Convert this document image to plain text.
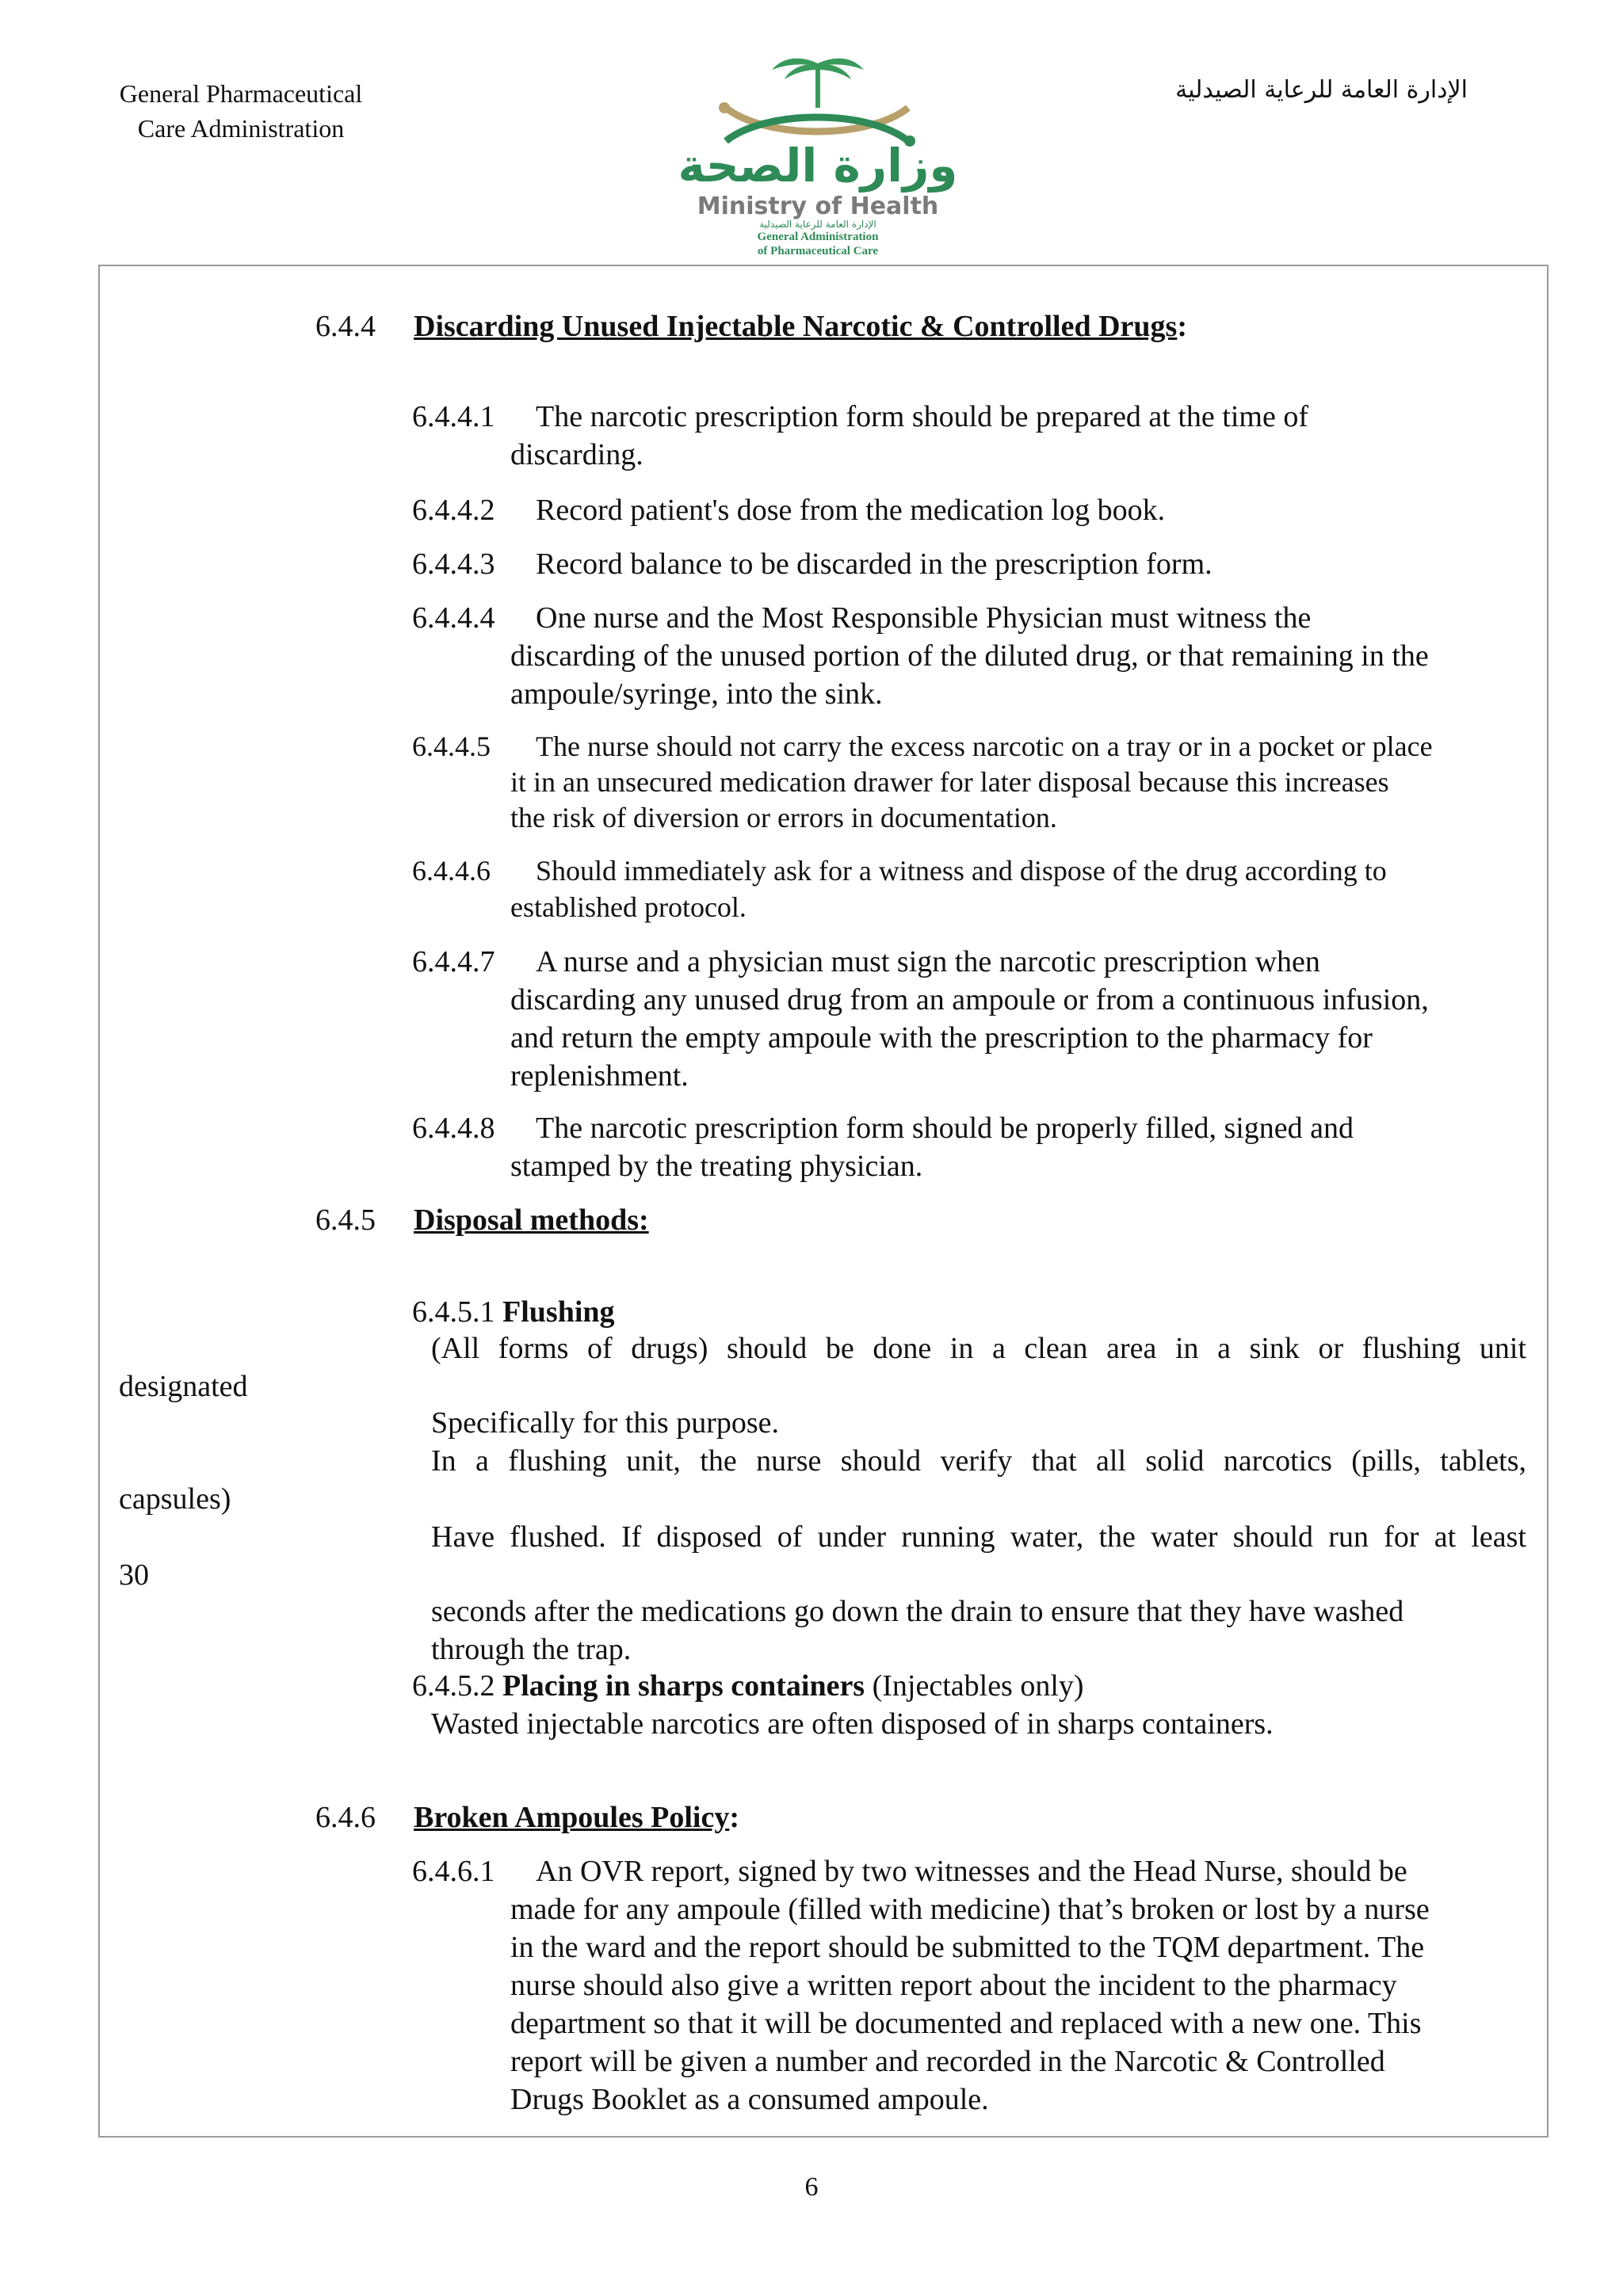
General Pharmaceutical
Care Administration
الإدارة العامة للرعاية الصيدلية
وزارة الصحة
Ministry of Health
الإدارة العامة للرعاية الصيدلية
General Administration
of Pharmaceutical Care
6.4.4 Discarding Unused Injectable Narcotic & Controlled Drugs:
6.4.4.1 The narcotic prescription form should be prepared at the time of
discarding.
6.4.4.2 Record patient's dose from the medication log book.
6.4.4.3 Record balance to be discarded in the prescription form.
6.4.4.4 One nurse and the Most Responsible Physician must witness the
discarding of the unused portion of the diluted drug, or that remaining in the
ampoule/syringe, into the sink.
6.4.4.5 The nurse should not carry the excess narcotic on a tray or in a pocket or place
it in an unsecured medication drawer for later disposal because this increases
the risk of diversion or errors in documentation.
6.4.4.6 Should immediately ask for a witness and dispose of the drug according to
established protocol.
6.4.4.7 A nurse and a physician must sign the narcotic prescription when
discarding any unused drug from an ampoule or from a continuous infusion,
and return the empty ampoule with the prescription to the pharmacy for
replenishment.
6.4.4.8 The narcotic prescription form should be properly filled, signed and
stamped by the treating physician.
6.4.5 Disposal methods:
6.4.5.1 Flushing
(All forms of drugs) should be done in a clean area in a sink or flushing unit
designated
Specifically for this purpose.
In a flushing unit, the nurse should verify that all solid narcotics (pills, tablets,
capsules)
Have flushed. If disposed of under running water, the water should run for at least
30
seconds after the medications go down the drain to ensure that they have washed
through the trap.
6.4.5.2 Placing in sharps containers (Injectables only)
Wasted injectable narcotics are often disposed of in sharps containers.
6.4.6 Broken Ampoules Policy:
6.4.6.1 An OVR report, signed by two witnesses and the Head Nurse, should be
made for any ampoule (filled with medicine) that’s broken or lost by a nurse
in the ward and the report should be submitted to the TQM department. The
nurse should also give a written report about the incident to the pharmacy
department so that it will be documented and replaced with a new one. This
report will be given a number and recorded in the Narcotic & Controlled
Drugs Booklet as a consumed ampoule.
6
